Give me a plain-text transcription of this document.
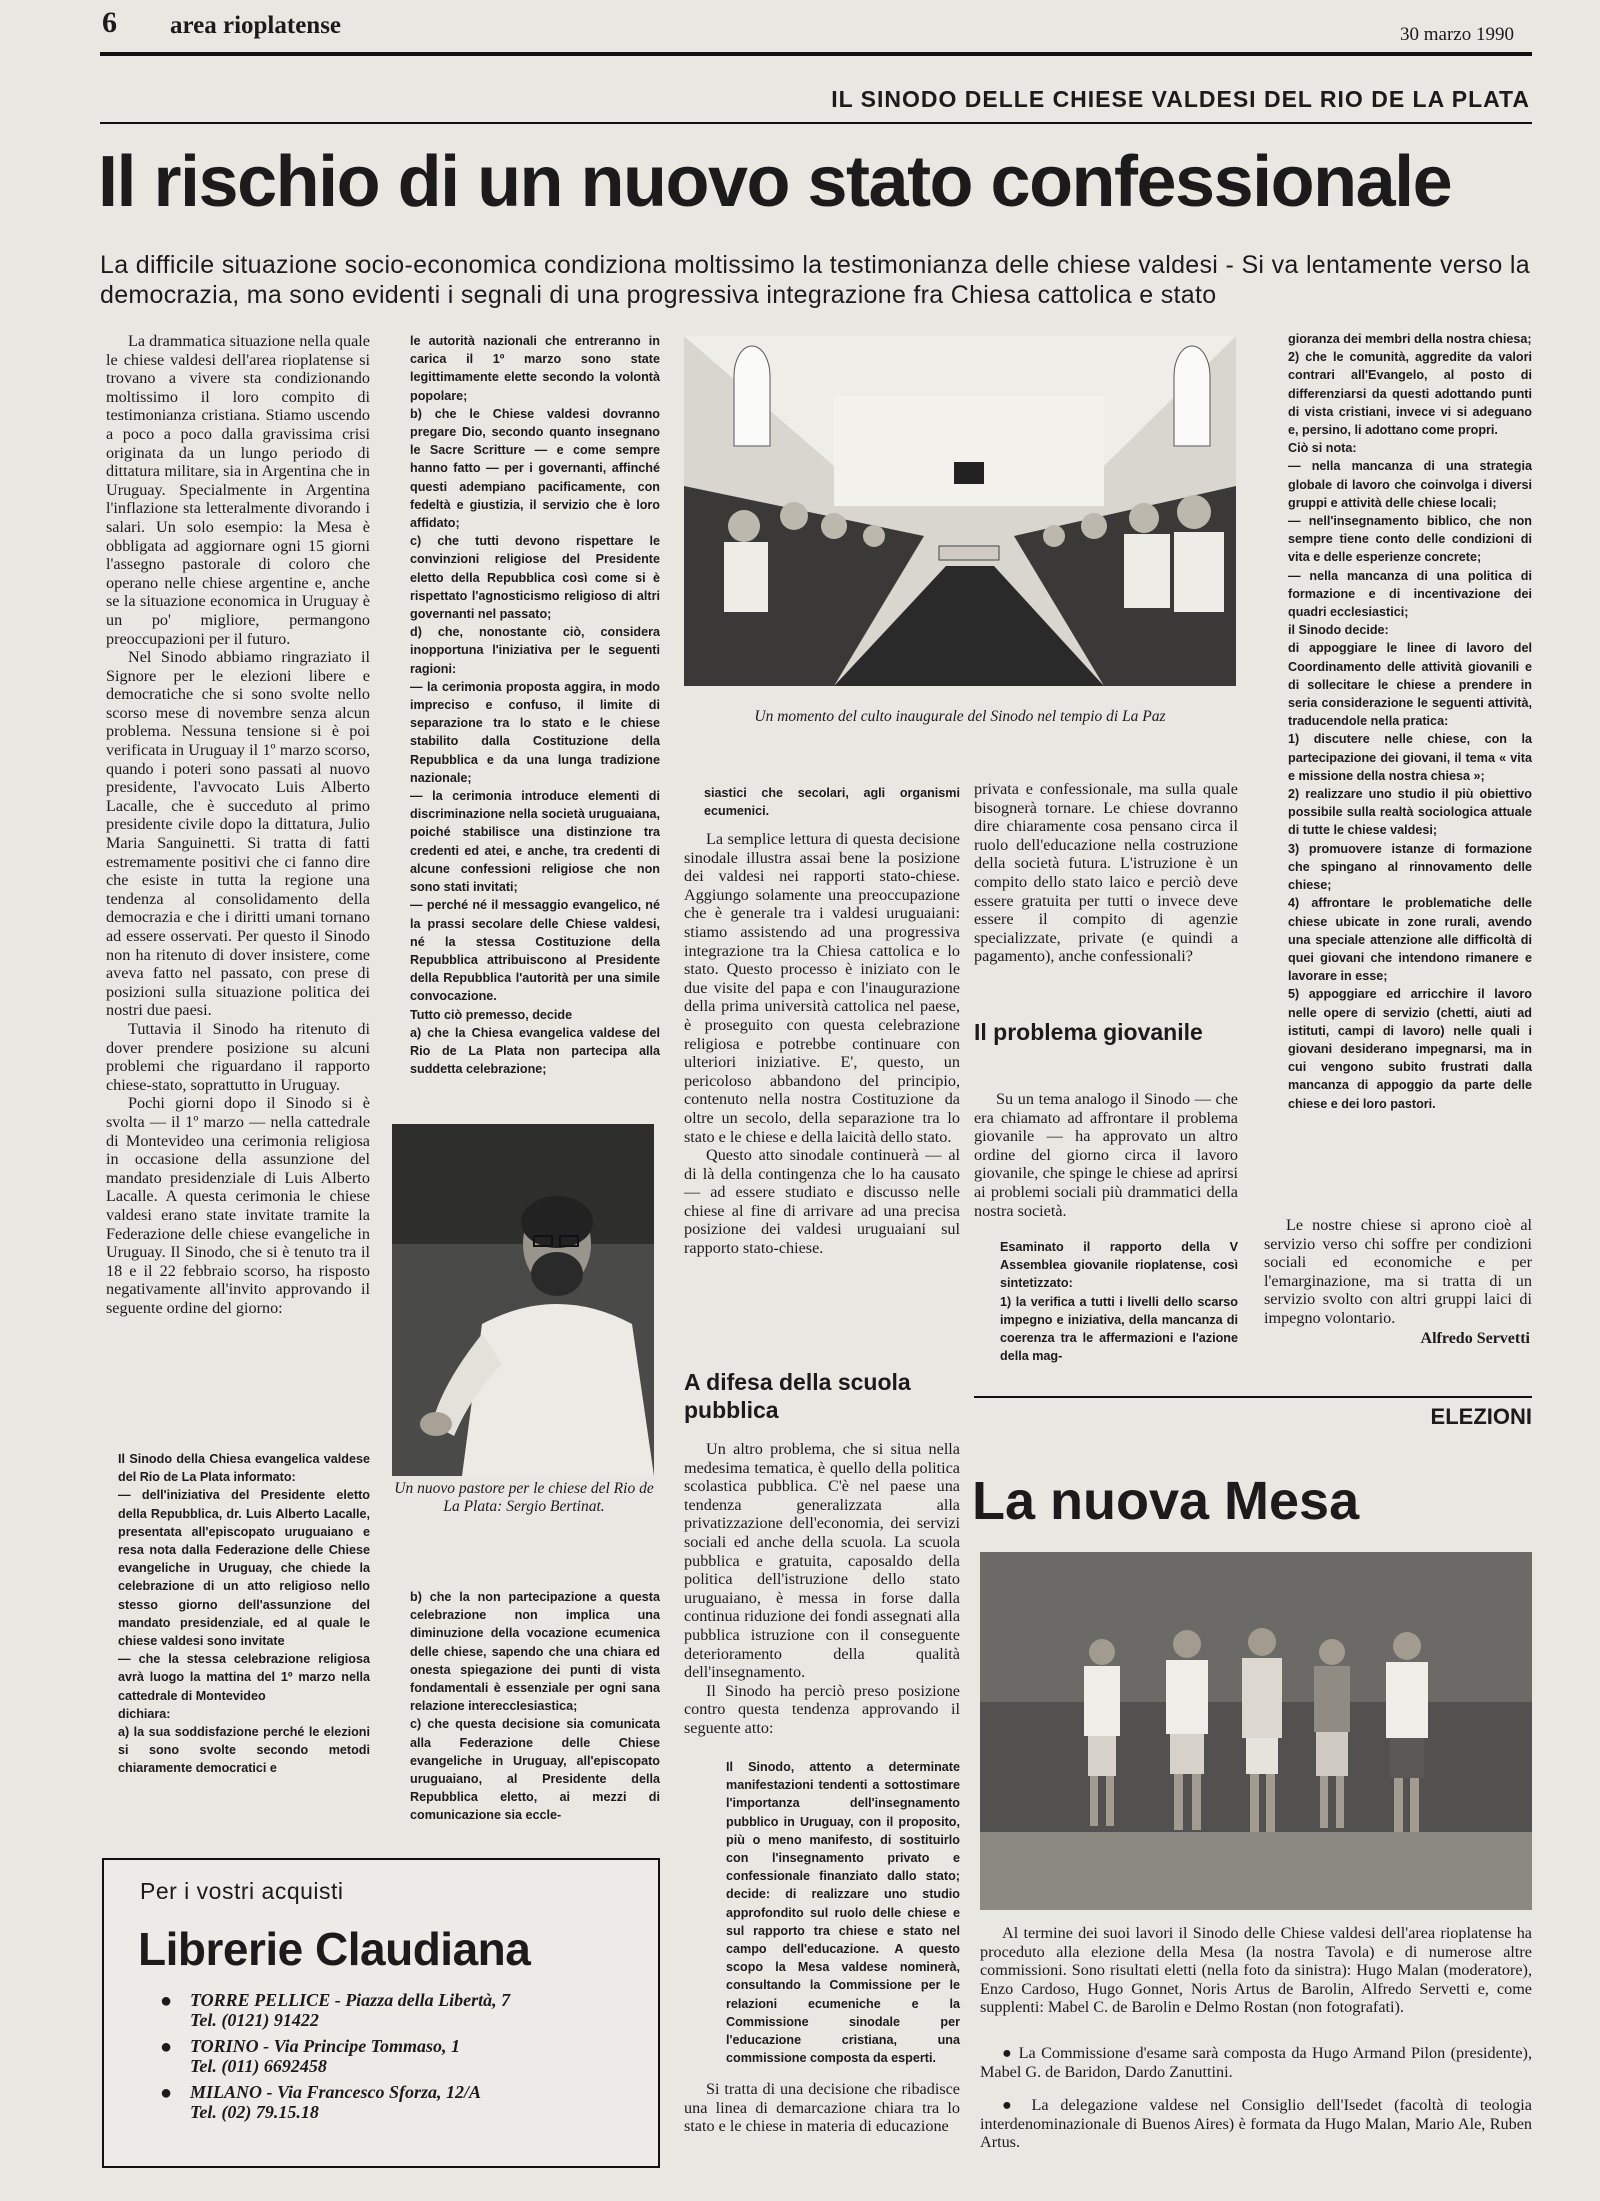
6 area rioplatense	30 marzo 1990
IL SINODO DELLE CHIESE VALDESI DEL RIO DE LA PLATA
Il rischio di un nuovo stato confessionale
La difficile situazione socio-economica condiziona moltissimo la testimonianza delle chiese valdesi - Si va lentamente verso la democrazia, ma sono evidenti i segnali di una progressiva integrazione fra Chiesa cattolica e stato

La drammatica situazione nella quale le chiese valdesi dell'area rioplatense si trovano a vivere sta condizionando moltissimo il loro compito di testimonianza cristiana. Stiamo uscendo a poco a poco dalla gravissima crisi originata da un lungo periodo di dittatura militare, sia in Argentina che in Uruguay. Specialmente in Argentina l'inflazione sta letteralmente divorando i salari. Un solo esempio: la Mesa è obbligata ad aggiornare ogni 15 giorni l'assegno pastorale di coloro che operano nelle chiese argentine e, anche se la situazione economica in Uruguay è un po' migliore, permangono preoccupazioni per il futuro.

Nel Sinodo abbiamo ringraziato il Signore per le elezioni libere e democratiche che si sono svolte nello scorso mese di novembre senza alcun problema. Nessuna tensione si è poi verificata in Uruguay il 1º marzo scorso, quando i poteri sono passati al nuovo presidente, l'avvocato Luis Alberto Lacalle, che è succeduto al primo presidente civile dopo la dittatura, Julio Maria Sanguinetti. Si tratta di fatti estremamente positivi che ci fanno dire che esiste in tutta la regione una tendenza al consolidamento della democrazia e che i diritti umani tornano ad essere osservati. Per questo il Sinodo non ha ritenuto di dover insistere, come aveva fatto nel passato, con prese di posizioni sulla situazione politica dei nostri due paesi.

Tuttavia il Sinodo ha ritenuto di dover prendere posizione su alcuni problemi che riguardano il rapporto chiese-stato, soprattutto in Uruguay.

Pochi giorni dopo il Sinodo si è svolta — il 1º marzo — nella cattedrale di Montevideo una cerimonia religiosa in occasione della assunzione del mandato presidenziale di Luis Alberto Lacalle. A questa cerimonia le chiese valdesi erano state invitate tramite la Federazione delle chiese evangeliche in Uruguay. Il Sinodo, che si è tenuto tra il 18 e il 22 febbraio scorso, ha risposto negativamente all'invito approvando il seguente ordine del giorno:

Il Sinodo della Chiesa evangelica valdese del Rio de La Plata informato:

— dell'iniziativa del Presidente eletto della Repubblica, dr. Luis Alberto Lacalle, presentata all'episcopato uruguaiano e resa nota dalla Federazione delle Chiese evangeliche in Uruguay, che chiede la celebrazione di un atto religioso nello stesso giorno dell'assunzione del mandato presidenziale, ed al quale le chiese valdesi sono invitate

— che la stessa celebrazione religiosa avrà luogo la mattina del 1º marzo nella cattedrale di Montevideo

dichiara:

a) la sua soddisfazione perché le elezioni si sono svolte secondo metodi chiaramente democratici e

le autorità nazionali che entreranno in carica il 1º marzo sono state legittimamente elette secondo la volontà popolare;

b) che le Chiese valdesi dovranno pregare Dio, secondo quanto insegnano le Sacre Scritture — e come sempre hanno fatto — per i governanti, affinché questi adempiano pacificamente, con fedeltà e giustizia, il servizio che è loro affidato;

c) che tutti devono rispettare le convinzioni religiose del Presidente eletto della Repubblica così come si è rispettato l'agnosticismo religioso di altri governanti nel passato;

d) che, nonostante ciò, considera inopportuna l'iniziativa per le seguenti ragioni:

— la cerimonia proposta aggira, in modo impreciso e confuso, il limite di separazione tra lo stato e le chiese stabilito dalla Costituzione della Repubblica e da una lunga tradizione nazionale;

— la cerimonia introduce elementi di discriminazione nella società uruguaiana, poiché stabilisce una distinzione tra credenti ed atei, e anche, tra credenti di alcune confessioni religiose che non sono stati invitati;

— perché né il messaggio evangelico, né la prassi secolare delle Chiese valdesi, né la stessa Costituzione della Repubblica attribuiscono al Presidente della Repubblica l'autorità per una simile convocazione.

Tutto ciò premesso, decide

a) che la Chiesa evangelica valdese del Rio de La Plata non partecipa alla suddetta celebrazione;

Un nuovo pastore per le chiese del Rio de La Plata: Sergio Bertinat.

b) che la non partecipazione a questa celebrazione non implica una diminuzione della vocazione ecumenica delle chiese, sapendo che una chiara ed onesta spiegazione dei punti di vista fondamentali è essenziale per ogni sana relazione intereccIesiastica;

c) che questa decisione sia comunicata alla Federazione delle Chiese evangeliche in Uruguay, all'episcopato uruguaiano, al Presidente della Repubblica eletto, ai mezzi di comunicazione sia eccle-

Un momento del culto inaugurale del Sinodo nel tempio di La Paz
siastici che secolari, agli organismi ecumenici.

La semplice lettura di questa decisione sinodale illustra assai bene la posizione dei valdesi nei rapporti stato-chiese. Aggiungo solamente una preoccupazione che è generale tra i valdesi uruguaiani: stiamo assistendo ad una progressiva integrazione tra la Chiesa cattolica e lo stato. Questo processo è iniziato con le due visite del papa e con l'inaugurazione della prima università cattolica nel paese, è proseguito con questa celebrazione religiosa e potrebbe continuare con ulteriori iniziative. E', questo, un pericoloso abbandono del principio, contenuto nella nostra Costituzione da oltre un secolo, della separazione tra lo stato e le chiese e della laicità dello stato.

Questo atto sinodale continuerà — al di là della contingenza che lo ha causato — ad essere studiato e discusso nelle chiese al fine di arrivare ad una precisa posizione dei valdesi uruguaiani sul rapporto stato-chiese.

A difesa della scuola pubblica

Un altro problema, che si situa nella medesima tematica, è quello della politica scolastica pubblica. C'è nel paese una tendenza generalizzata alla privatizzazione dell'economia, dei servizi sociali ed anche della scuola. La scuola pubblica e gratuita, caposaldo della politica dell'istruzione dello stato uruguaiano, è messa in forse dalla continua riduzione dei fondi assegnati alla pubblica istruzione con il conseguente deterioramento della qualità dell'insegnamento.

Il Sinodo ha perciò preso posizione contro questa tendenza approvando il seguente atto:

Il Sinodo, attento a determinate manifestazioni tendenti a sottostimare l'importanza dell'insegnamento pubblico in Uruguay, con il proposito, più o meno manifesto, di sostituirlo con l'insegnamento privato e confessionale finanziato dallo stato; decide: di realizzare uno studio approfondito sul ruolo delle chiese e sul rapporto tra chiese e stato nel campo dell'educazione. A questo scopo la Mesa valdese nominerà, consultando la Commissione per le relazioni ecumeniche e la Commissione sinodale per l'educazione cristiana, una commissione composta da esperti.

Si tratta di una decisione che ribadisce una linea di demarcazione chiara tra lo stato e le chiese in materia di educazione

privata e confessionale, ma sulla quale bisognerà tornare. Le chiese dovranno dire chiaramente cosa pensano circa il ruolo dell'educazione nella costruzione della società futura. L'istruzione è un compito dello stato laico e perciò deve essere gratuita per tutti o invece deve essere il compito di agenzie specializzate, private (e quindi a pagamento), anche confessionali?

Il problema giovanile

Su un tema analogo il Sinodo — che era chiamato ad affrontare il problema giovanile — ha approvato un altro ordine del giorno circa il lavoro giovanile, che spinge le chiese ad aprirsi ai problemi sociali più drammatici della nostra società.

Esaminato il rapporto della V Assemblea giovanile rioplatense, così sintetizzato:

1) la verifica a tutti i livelli dello scarso impegno e iniziativa, della mancanza di coerenza tra le affermazioni e l'azione della mag-

gioranza dei membri della nostra chiesa;

2) che le comunità, aggredite da valori contrari all'Evangelo, al posto di differenziarsi da questi adottando punti di vista cristiani, invece vi si adeguano e, persino, li adottano come propri.

Ciò si nota:

— nella mancanza di una strategia globale di lavoro che coinvolga i diversi gruppi e attività delle chiese locali;

— nell'insegnamento biblico, che non sempre tiene conto delle condizioni di vita e delle esperienze concrete;

— nella mancanza di una politica di formazione e di incentivazione dei quadri ecclesiastici;

il Sinodo decide:

di appoggiare le linee di lavoro del Coordinamento delle attività giovanili e di sollecitare le chiese a prendere in seria considerazione le seguenti attività, traducendole nella pratica:

1) discutere nelle chiese, con la partecipazione dei giovani, il tema « vita e missione della nostra chiesa »;

2) realizzare uno studio il più obiettivo possibile sulla realtà sociologica attuale di tutte le chiese valdesi;

3) promuovere istanze di formazione che spingano al rinnovamento delle chiese;

4) affrontare le problematiche delle chiese ubicate in zone rurali, avendo una speciale attenzione alle difficoltà di quei giovani che intendono rimanere e lavorare in esse;

5) appoggiare ed arricchire il lavoro nelle opere di servizio (chetti, aiuti ad istituti, campi di lavoro) nelle quali i giovani desiderano impegnarsi, ma in cui vengono subito frustrati dalla mancanza di appoggio da parte delle chiese e dei loro pastori.

Le nostre chiese si aprono cioè al servizio verso chi soffre per condizioni sociali ed economiche e per l'emarginazione, ma si tratta di un servizio svolto con altri gruppi laici di impegno volontario.

Alfredo Servetti
ELEZIONI
La nuova Mesa

Al termine dei suoi lavori il Sinodo delle Chiese valdesi dell'area rioplatense ha proceduto alla elezione della Mesa (la nostra Tavola) e di numerose altre commissioni. Sono risultati eletti (nella foto da sinistra): Hugo Malan (moderatore), Enzo Cardoso, Hugo Gonnet, Noris Artus de Barolin, Alfredo Servetti e, come supplenti: Mabel C. de Barolin e Delmo Rostan (non fotografati).

● La Commissione d'esame sarà composta da Hugo Armand Pilon (presidente), Mabel G. de Baridon, Dardo Zanuttini.

● La delegazione valdese nel Consiglio dell'Isedet (facoltà di teologia interdenominazionale di Buenos Aires) è formata da Hugo Malan, Mario Ale, Ruben Artus.

Per i vostri acquisti
Librerie Claudiana
● TORRE PELLICE - Piazza della Libertà, 7
Tel. (0121) 91422
● TORINO - Via Principe Tommaso, 1
Tel. (011) 6692458
● MILANO - Via Francesco Sforza, 12/A
Tel. (02) 79.15.18
